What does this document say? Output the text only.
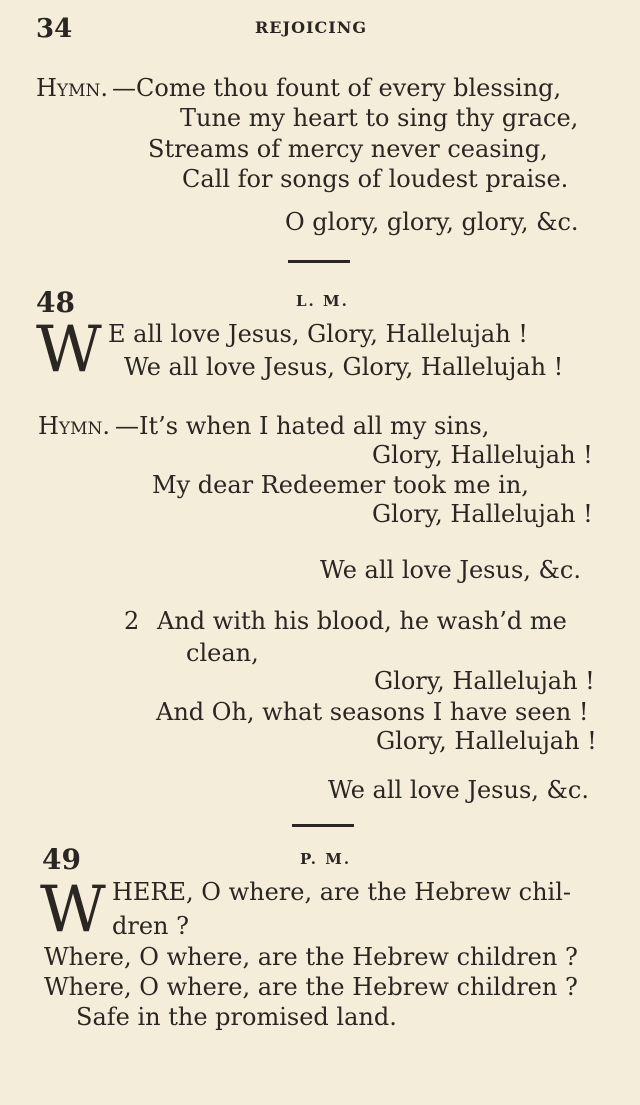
34	REJOICING
Hymn. —Come thou fount of every blessing,
Tune my heart to sing thy grace,
Streams of mercy never ceasing,
Call for songs of loudest praise.
O glory, glory, glory, &c.
48	L. M.
W E all love Jesus, Glory, Hallelujah !
We all love Jesus, Glory, Hallelujah !
Hymn. —It’s when I hated all my sins,
Glory, Hallelujah !
My dear Redeemer took me in,
Glory, Hallelujah !
We all love Jesus, &c.
2 And with his blood, he wash’d me
clean,
Glory, Hallelujah !
And Oh, what seasons I have seen !
Glory, Hallelujah !
We all love Jesus, &c.
49	P. M.
W HERE, O where, are the Hebrew chil-
dren ?
Where, O where, are the Hebrew children ?
Where, O where, are the Hebrew children ?
Safe in the promised land.
